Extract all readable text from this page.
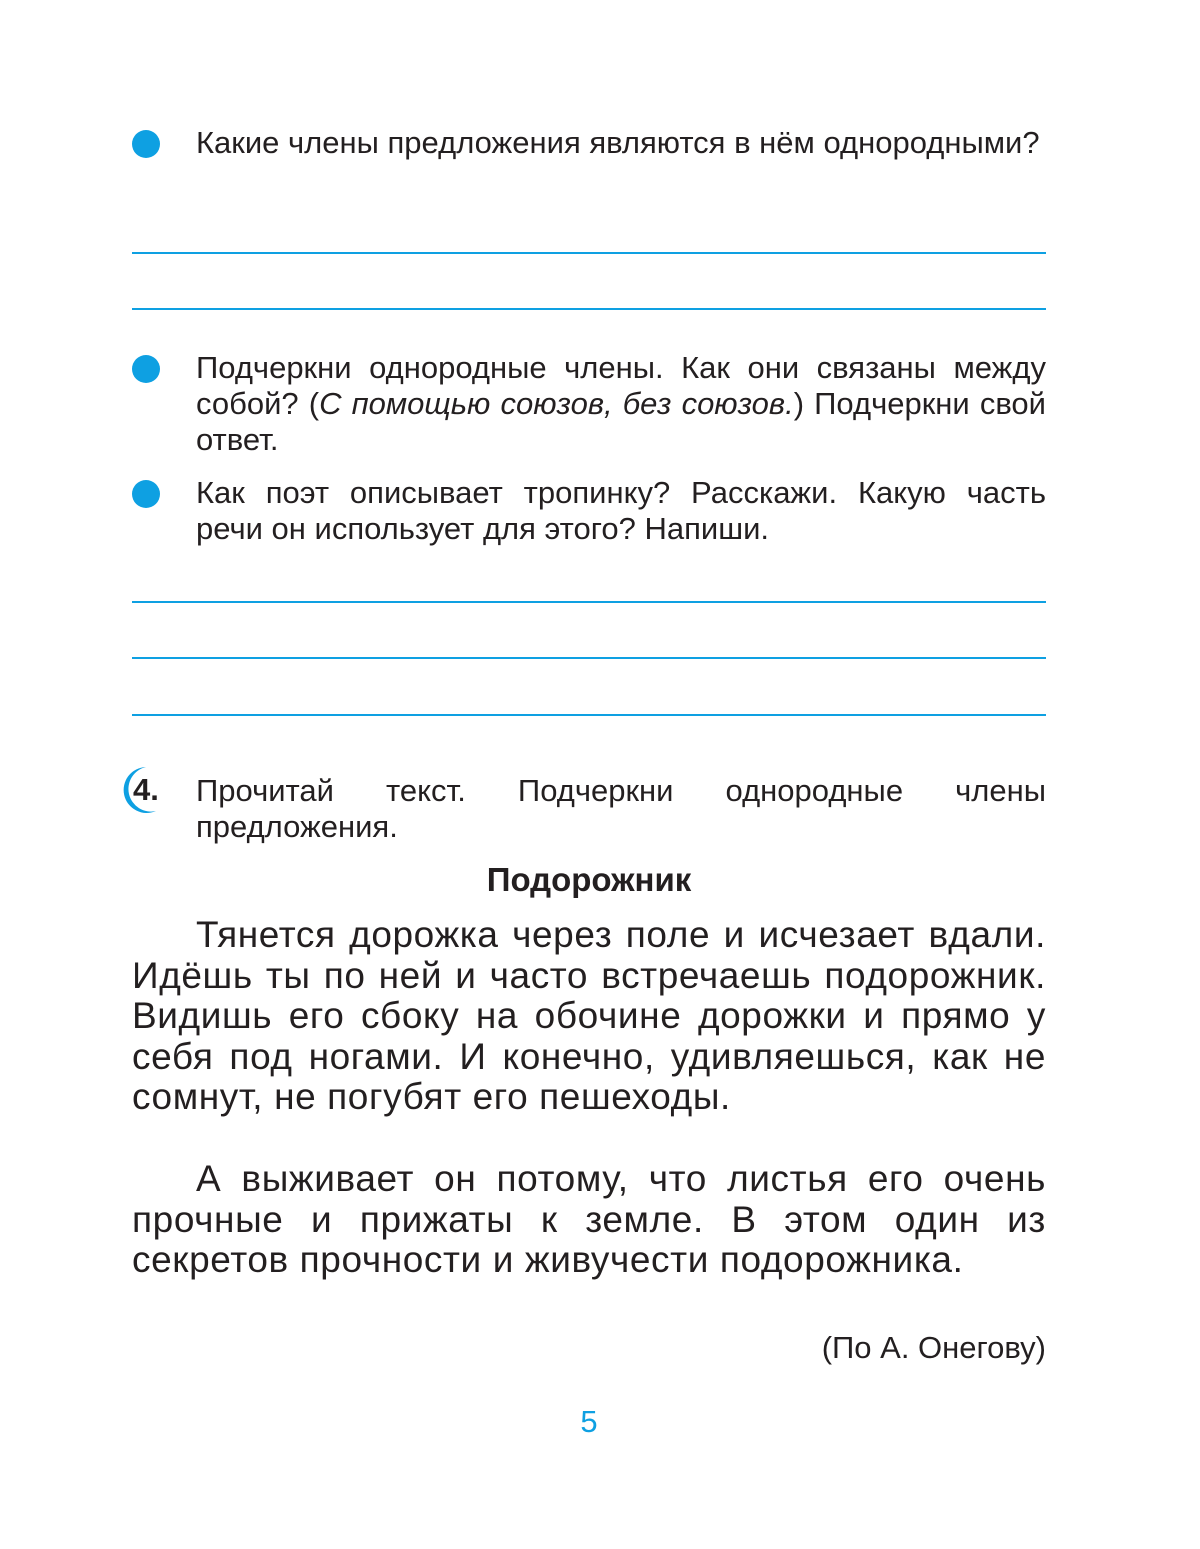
Какие члены предложения являются в нём однородными?
Подчеркни однородные члены. Как они связаны между собой? (С помощью союзов, без союзов.) Подчеркни свой ответ.
Как поэт описывает тропинку? Расскажи. Какую часть речи он использует для этого? Напиши.
4. Прочитай текст. Подчеркни однородные члены предложения.
Подорожник

Тянется дорожка через поле и исчезает вдали. Идёшь ты по ней и часто встречаешь подорожник. Видишь его сбоку на обочине дорожки и прямо у себя под ногами. И конечно, удивляешься, как не сомнут, не погубят его пешеходы.

А выживает он потому, что листья его очень прочные и прижаты к земле. В этом один из секретов прочности и живучести подорожника.

(По А. Онегову)
5
